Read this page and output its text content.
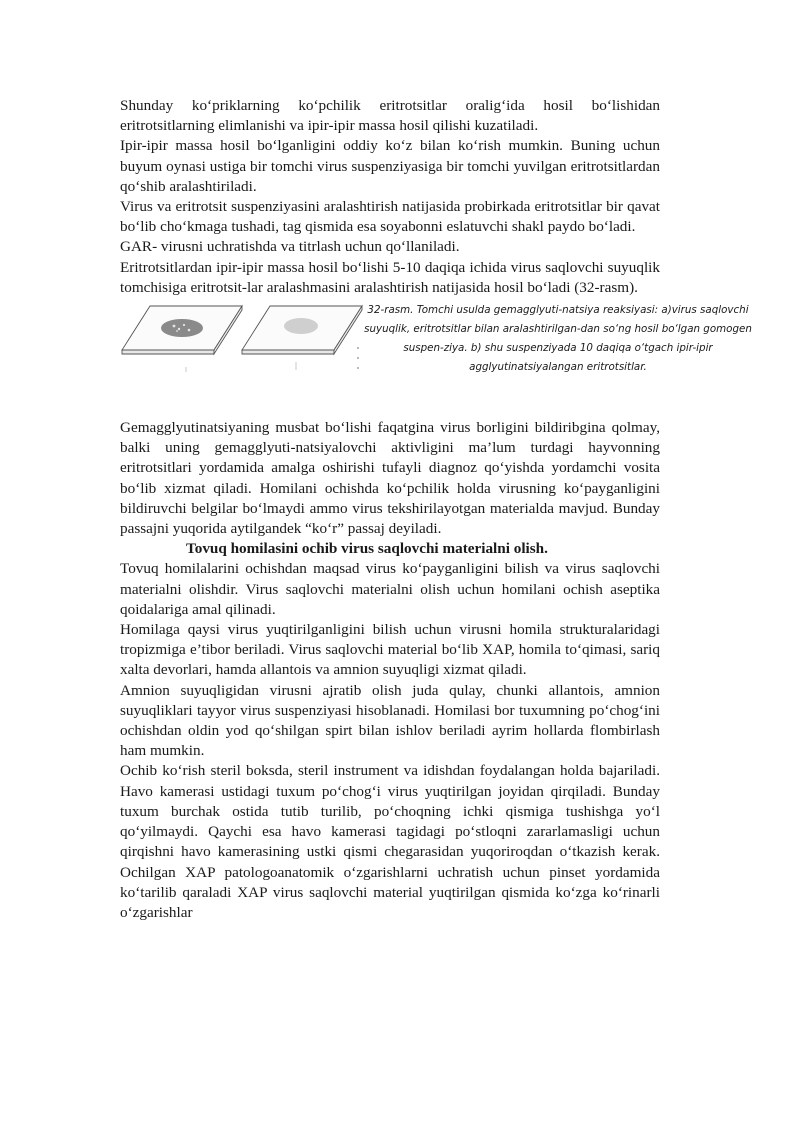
Shunday ko‘priklarning ko‘pchilik eritrotsitlar oralig‘ida hosil bo‘lishidan eritrotsitlarning elimlanishi va ipir-ipir massa hosil qilishi kuzatiladi.

Ipir-ipir massa hosil bo‘lganligini oddiy ko‘z bilan ko‘rish mumkin. Buning uchun buyum oynasi ustiga bir tomchi virus suspenziyasiga bir tomchi yuvilgan eritrotsitlardan qo‘shib aralashtiriladi.

Virus va eritrotsit suspenziyasini aralashtirish natijasida probirkada eritrotsitlar bir qavat bo‘lib cho‘kmaga tushadi, tag qismida esa soyabonni eslatuvchi shakl paydo bo‘ladi.

GAR- virusni uchratishda va titrlash uchun qo‘llaniladi.

Eritrotsitlardan ipir-ipir massa hosil bo‘lishi 5-10 daqiqa ichida virus saqlovchi suyuqlik tomchisiga eritrotsit-lar aralashmasini aralashtirish natijasida hosil bo‘ladi (32-rasm).

32-rasm. Tomchi usulda gemagglyuti-natsiya reaksiyasi: a)virus saqlovchi suyuqlik, eritrotsitlar bilan aralashtirilgan-dan so‘ng hosil bo‘lgan gomogen suspen-ziya. b) shu suspenziyada 10 daqiqa o‘tgach ipir-ipir agglyutinatsiyalangan eritrotsitlar.

Gemagglyutinatsiyaning musbat bo‘lishi faqatgina virus borligini bildiribgina qolmay, balki uning gemagglyuti-natsiyalovchi aktivligini ma’lum turdagi hayvonning eritrotsitlari yordamida amalga oshirishi tufayli diagnoz qo‘yishda yordamchi vosita bo‘lib xizmat qiladi. Homilani ochishda ko‘pchilik holda virusning ko‘payganligini bildiruvchi belgilar bo‘lmaydi ammo virus tekshirilayotgan materialda mavjud. Bunday passajni yuqorida aytilgandek “ko‘r” passaj deyiladi.

Tovuq homilasini ochib virus saqlovchi materialni olish.

Tovuq homilalarini ochishdan maqsad virus ko‘payganligini bilish va virus saqlovchi materialni olishdir. Virus saqlovchi materialni olish uchun homilani ochish aseptika qoidalariga amal qilinadi.

Homilaga qaysi virus yuqtirilganligini bilish uchun virusni homila strukturalaridagi tropizmiga e’tibor beriladi. Virus saqlovchi material bo‘lib XAP, homila to‘qimasi, sariq xalta devorlari, hamda allantois va amnion suyuqligi xizmat qiladi.

Amnion suyuqligidan virusni ajratib olish juda qulay, chunki allantois, amnion suyuqliklari tayyor virus suspenziyasi hisoblanadi. Homilasi bor tuxumning po‘chog‘ini ochishdan oldin yod qo‘shilgan spirt bilan ishlov beriladi ayrim hollarda flombirlash ham mumkin.

Ochib ko‘rish steril boksda, steril instrument va idishdan foydalangan holda bajariladi. Havo kamerasi ustidagi tuxum po‘chog‘i virus yuqtirilgan joyidan qirqiladi. Bunday tuxum burchak ostida tutib turilib, po‘choqning ichki qismiga tushishga yo‘l qo‘yilmaydi. Qaychi esa havo kamerasi tagidagi po‘stloqni zararlamasligi uchun qirqishni havo kamerasining ustki qismi chegarasidan yuqoriroqdan o‘tkazish kerak. Ochilgan XAP patologoanatomik o‘zgarishlarni uchratish uchun pinset yordamida ko‘tarilib qaraladi XAP virus saqlovchi material yuqtirilgan qismida ko‘zga ko‘rinarli o‘zgarishlar
